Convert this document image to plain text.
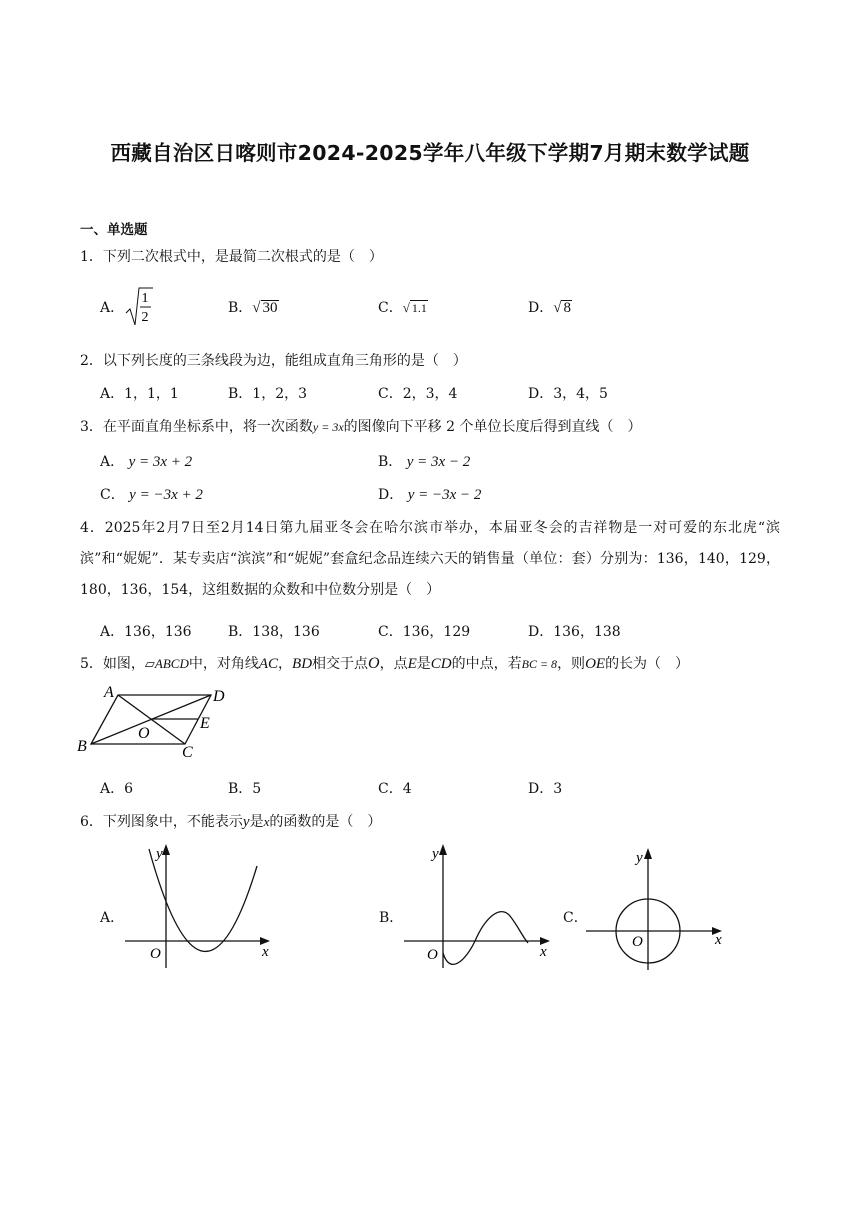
西藏自治区日喀则市2024-2025学年八年级下学期7月期末数学试题
一、单选题
1．下列二次根式中，是最简二次根式的是（　）
A．
1
2
B．√ 30	C．√ 1.1	D．√ 8
2．以下列长度的三条线段为边，能组成直角三角形的是（　）
A．1，1，1	B．1，2，3	C．2，3，4	D．3，4，5
3．在平面直角坐标系中，将一次函数y = 3x的图像向下平移 2 个单位长度后得到直线（　）
A． y = 3x + 2	B． y = 3x − 2
C． y = −3x + 2	D． y = −3x − 2
4．2025年2月7日至2月14日第九届亚冬会在哈尔滨市举办，本届亚冬会的吉祥物是一对可爱的东北虎“滨滨”和“妮妮”．某专卖店“滨滨”和“妮妮”套盒纪念品连续六天的销售量（单位：套）分别为：136，140，129，180，136，154，这组数据的众数和中位数分别是（　）
A．136，136	B．138，136	C．136，129	D．136，138
5．如图，▱ABCD中，对角线AC，BD相交于点O，点E是CD的中点，若BC = 8，则OE的长为（　）
A	D
B	C
O
E
A．6	B．5	C．4	D．3
6．下列图象中，不能表示y是x的函数的是（　）
A．
y
x
O
B．
y
x
O
C．
y
x
O
